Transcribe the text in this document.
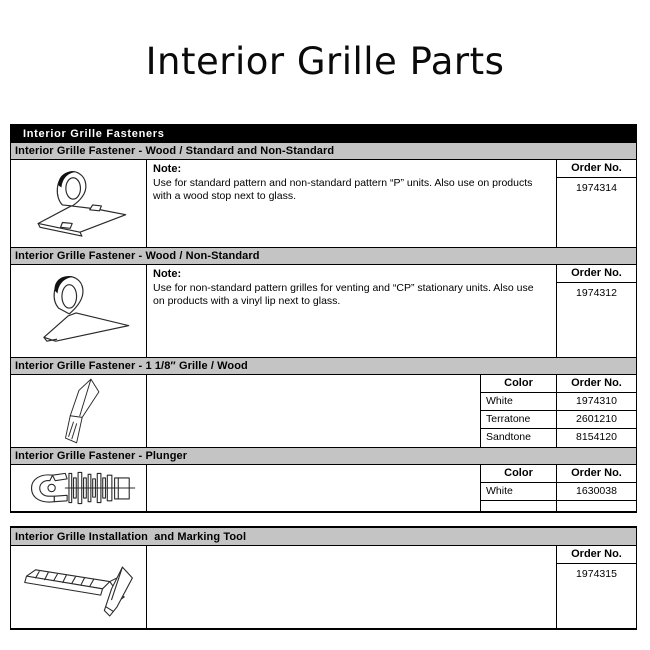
Interior Grille Parts
Interior Grille Fasteners
Interior Grille Fastener - Wood / Standard and Non-Standard
Note:
Use for standard pattern and non-standard pattern “P” units. Also use on products with a wood stop next to glass.
Order No.
1974314
Interior Grille Fastener - Wood / Non-Standard
Note:
Use for non-standard pattern grilles for venting and “CP” stationary units. Also use on products with a vinyl lip next to glass.
Order No.
1974312
Interior Grille Fastener - 1 1/8″ Grille / Wood
Color
White
Terratone
Sandtone
Order No.
1974310
2601210
8154120
Interior Grille Fastener - Plunger
Color
White
Order No.
1630038
Interior Grille Installation  and Marking Tool
Order No.
1974315
